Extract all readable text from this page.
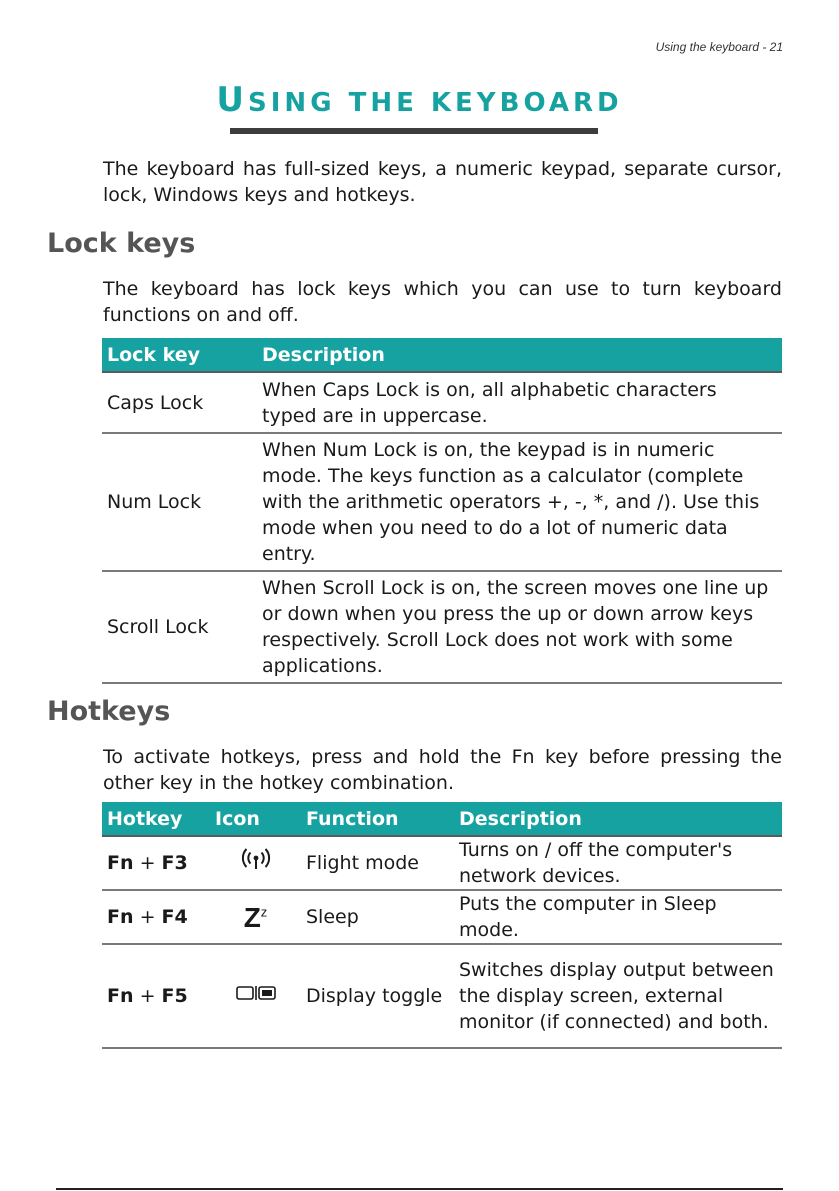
Using the keyboard - 21
USING THE KEYBOARD

The keyboard has full-sized keys, a numeric keypad, separate cursor, lock, Windows keys and hotkeys.

Lock keys

The keyboard has lock keys which you can use to turn keyboard functions on and off.

Lock key	Description
Caps Lock	When Caps Lock is on, all alphabetic characters typed are in uppercase.
Num Lock	When Num Lock is on, the keypad is in numeric mode. The keys function as a calculator (complete with the arithmetic operators +, -, *, and /). Use this mode when you need to do a lot of numeric data entry.
Scroll Lock	When Scroll Lock is on, the screen moves one line up or down when you press the up or down arrow keys respectively. Scroll Lock does not work with some applications.
Hotkeys

To activate hotkeys, press and hold the Fn key before pressing the other key in the hotkey combination.

Hotkey	Icon	Function	Description
Fn + F3		Flight mode	Turns on / off the computer's network devices.
Fn + F4	$Z^z$	Sleep	Puts the computer in Sleep mode.
Fn + F5		Display toggle	Switches display output between the display screen, external monitor (if connected) and both.
